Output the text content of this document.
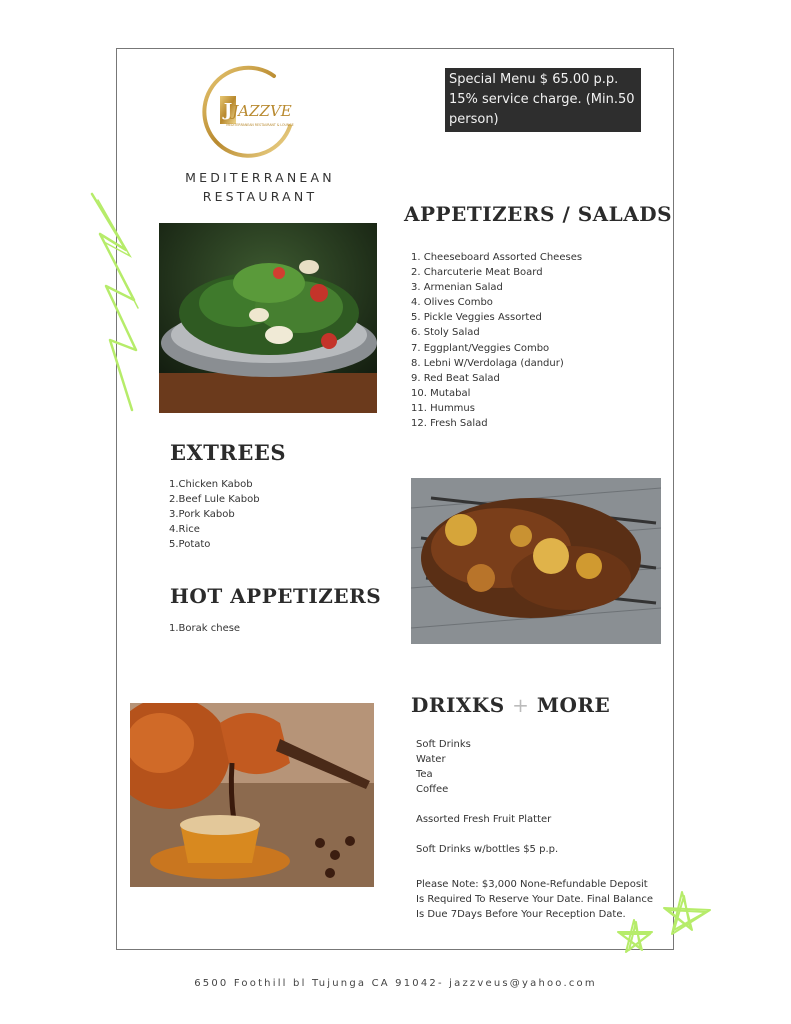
J JAZZVE
MEDITERRANEAN RESTAURANT & LOUNGE
MEDITERRANEAN
RESTAURANT
Special Menu $ 65.00 p.p.
15% service charge. (Min.50
person)
APPETIZERS / SALADS
1. Cheeseboard Assorted Cheeses
2. Charcuterie Meat Board
3. Armenian Salad
4. Olives Combo
5. Pickle Veggies Assorted
6. Stoly Salad
7. Eggplant/Veggies Combo
8. Lebni W/Verdolaga (dandur)
9. Red Beat Salad
10. Mutabal
11. Hummus
12. Fresh Salad
EXTREES
1.Chicken Kabob
2.Beef Lule Kabob
3.Pork Kabob
4.Rice
5.Potato
HOT APPETIZERS
1.Borak chese
DRIXKS + MORE
Soft Drinks
Water
Tea
Coffee
Assorted Fresh Fruit Platter
Soft Drinks w/bottles $5 p.p.
Please Note: $3,000 None-Refundable Deposit
Is Required To Reserve Your Date. Final Balance
Is Due 7Days Before Your Reception Date.
6500 Foothill bl Tujunga CA 91042- jazzveus@yahoo.com
